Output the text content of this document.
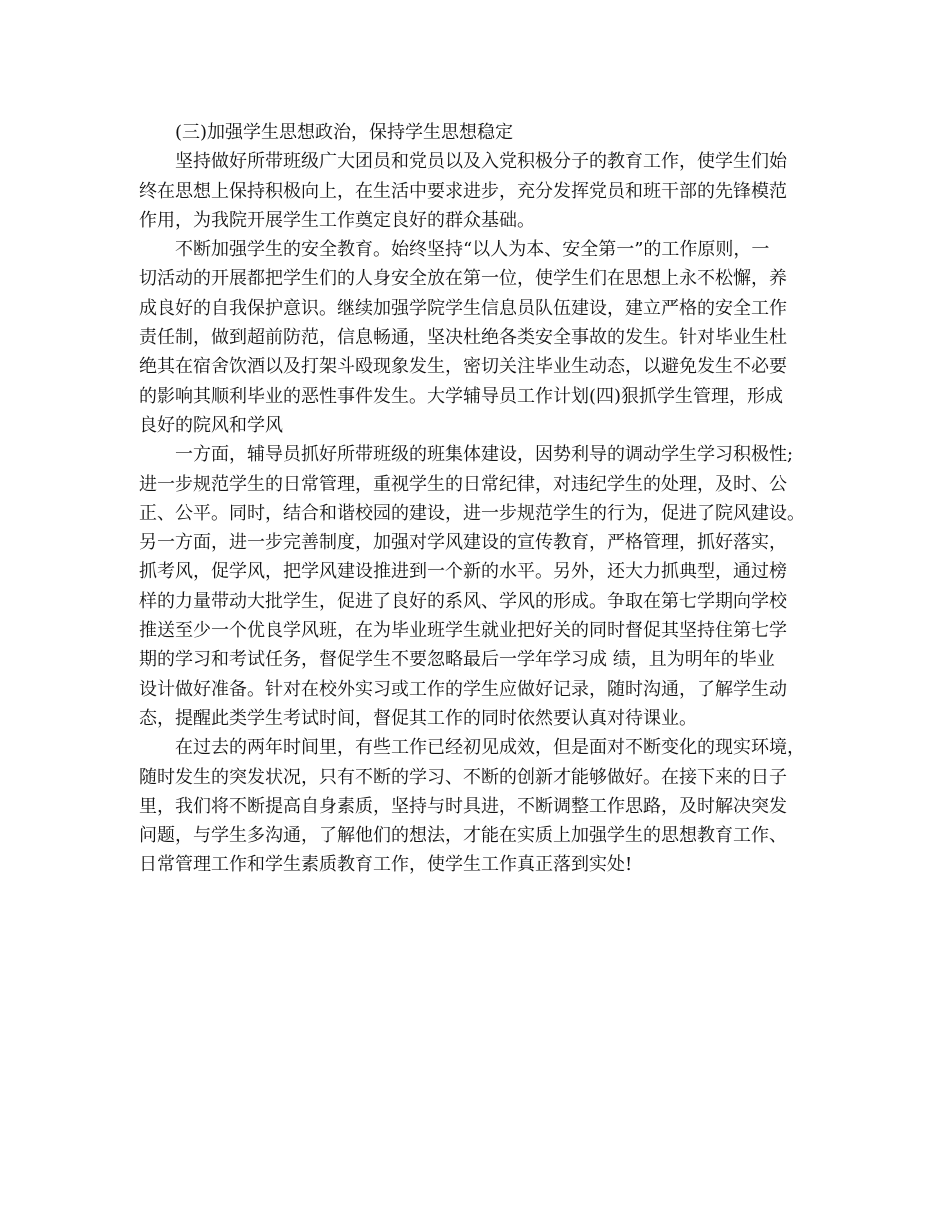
(三)加强学生思想政治，保持学生思想稳定
坚持做好所带班级广大团员和党员以及入党积极分子的教育工作，使学生们始
终在思想上保持积极向上，在生活中要求进步，充分发挥党员和班干部的先锋模范
作用，为我院开展学生工作奠定良好的群众基础。
不断加强学生的安全教育。始终坚持“以人为本、安全第一”的工作原则，一
切活动的开展都把学生们的人身安全放在第一位，使学生们在思想上永不松懈，养
成良好的自我保护意识。继续加强学院学生信息员队伍建设，建立严格的安全工作
责任制，做到超前防范，信息畅通，坚决杜绝各类安全事故的发生。针对毕业生杜
绝其在宿舍饮酒以及打架斗殴现象发生，密切关注毕业生动态，以避免发生不必要
的影响其顺利毕业的恶性事件发生。大学辅导员工作计划(四)狠抓学生管理，形成
良好的院风和学风
一方面，辅导员抓好所带班级的班集体建设，因势利导的调动学生学习积极性;
进一步规范学生的日常管理，重视学生的日常纪律，对违纪学生的处理，及时、公
正、公平。同时，结合和谐校园的建设，进一步规范学生的行为，促进了院风建设。
另一方面，进一步完善制度，加强对学风建设的宣传教育，严格管理，抓好落实，
抓考风，促学风，把学风建设推进到一个新的水平。另外，还大力抓典型，通过榜
样的力量带动大批学生，促进了良好的系风、学风的形成。争取在第七学期向学校
推送至少一个优良学风班，在为毕业班学生就业把好关的同时督促其坚持住第七学
期的学习和考试任务，督促学生不要忽略最后一学年学习成 绩，且为明年的毕业
设计做好准备。针对在校外实习或工作的学生应做好记录，随时沟通，了解学生动
态，提醒此类学生考试时间，督促其工作的同时依然要认真对待课业。
在过去的两年时间里，有些工作已经初见成效，但是面对不断变化的现实环境，
随时发生的突发状况，只有不断的学习、不断的创新才能够做好。在接下来的日子
里，我们将不断提高自身素质，坚持与时具进，不断调整工作思路，及时解决突发
问题，与学生多沟通，了解他们的想法，才能在实质上加强学生的思想教育工作、
日常管理工作和学生素质教育工作，使学生工作真正落到实处!
